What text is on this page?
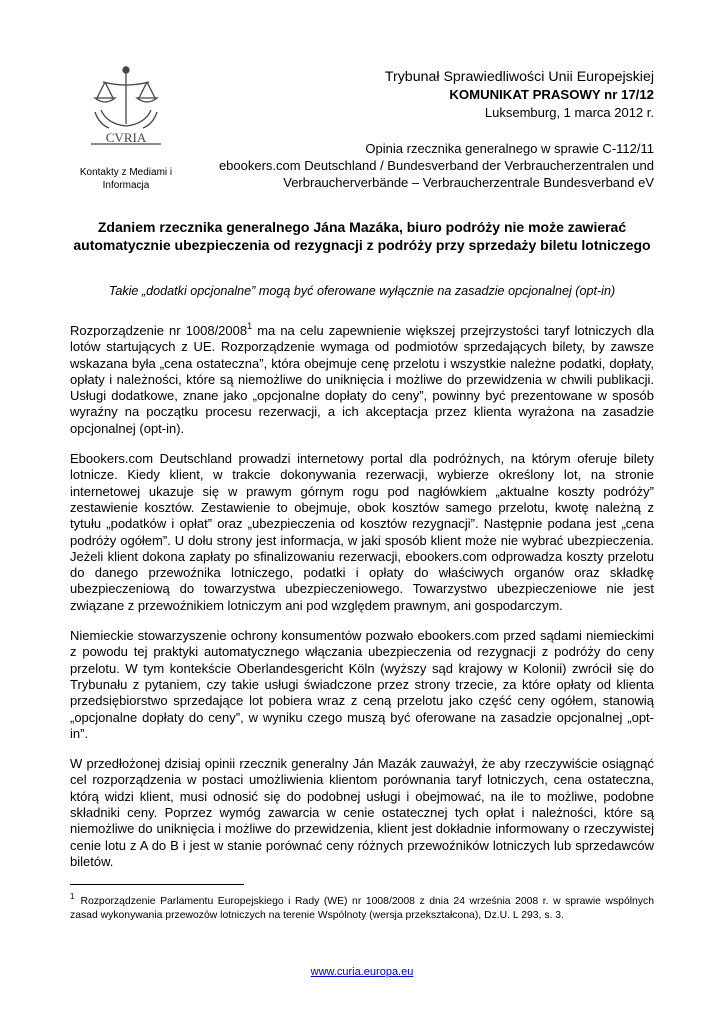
CVRIA
Kontakty z Mediami i Informacja
Trybunał Sprawiedliwości Unii Europejskiej
KOMUNIKAT PRASOWY nr 17/12
Luksemburg, 1 marca 2012 r.
Opinia rzecznika generalnego w sprawie C-112/11
ebookers.com Deutschland / Bundesverband der Verbraucherzentralen und Verbraucherverbände – Verbraucherzentrale Bundesverband eV
Zdaniem rzecznika generalnego Jána Mazáka, biuro podróży nie może zawierać automatycznie ubezpieczenia od rezygnacji z podróży przy sprzedaży biletu lotniczego
Takie „dodatki opcjonalne” mogą być oferowane wyłącznie na zasadzie opcjonalnej (opt-in)

Rozporządzenie nr 1008/2008$^1$ ma na celu zapewnienie większej przejrzystości taryf lotniczych dla lotów startujących z UE. Rozporządzenie wymaga od podmiotów sprzedających bilety, by zawsze wskazana była „cena ostateczna”, która obejmuje cenę przelotu i wszystkie należne podatki, dopłaty, opłaty i należności, które są niemożliwe do uniknięcia i możliwe do przewidzenia w chwili publikacji. Usługi dodatkowe, znane jako „opcjonalne dopłaty do ceny”, powinny być prezentowane w sposób wyraźny na początku procesu rezerwacji, a ich akceptacja przez klienta wyrażona na zasadzie opcjonalnej (opt-in).

Ebookers.com Deutschland prowadzi internetowy portal dla podróżnych, na którym oferuje bilety lotnicze. Kiedy klient, w trakcie dokonywania rezerwacji, wybierze określony lot, na stronie internetowej ukazuje się w prawym górnym rogu pod nagłówkiem „aktualne koszty podróży” zestawienie kosztów. Zestawienie to obejmuje, obok kosztów samego przelotu, kwotę należną z tytułu „podatków i opłat” oraz „ubezpieczenia od kosztów rezygnacji”. Następnie podana jest „cena podróży ogółem”. U dołu strony jest informacja, w jaki sposób klient może nie wybrać ubezpieczenia. Jeżeli klient dokona zapłaty po sfinalizowaniu rezerwacji, ebookers.com odprowadza koszty przelotu do danego przewoźnika lotniczego, podatki i opłaty do właściwych organów oraz składkę ubezpieczeniową do towarzystwa ubezpieczeniowego. Towarzystwo ubezpieczeniowe nie jest związane z przewoźnikiem lotniczym ani pod względem prawnym, ani gospodarczym.

Niemieckie stowarzyszenie ochrony konsumentów pozwało ebookers.com przed sądami niemieckimi z powodu tej praktyki automatycznego włączania ubezpieczenia od rezygnacji z podróży do ceny przelotu. W tym kontekście Oberlandesgericht Köln (wyższy sąd krajowy w Kolonii) zwrócił się do Trybunału z pytaniem, czy takie usługi świadczone przez strony trzecie, za które opłaty od klienta przedsiębiorstwo sprzedające lot pobiera wraz z ceną przelotu jako część ceny ogółem, stanowią „opcjonalne dopłaty do ceny”, w wyniku czego muszą być oferowane na zasadzie opcjonalnej „opt-in”.

W przedłożonej dzisiaj opinii rzecznik generalny Ján Mazák zauważył, że aby rzeczywiście osiągnąć cel rozporządzenia w postaci umożliwienia klientom porównania taryf lotniczych, cena ostateczna, którą widzi klient, musi odnosić się do podobnej usługi i obejmować, na ile to możliwe, podobne składniki ceny. Poprzez wymóg zawarcia w cenie ostatecznej tych opłat i należności, które są niemożliwe do uniknięcia i możliwe do przewidzenia, klient jest dokładnie informowany o rzeczywistej cenie lotu z A do B i jest w stanie porównać ceny różnych przewoźników lotniczych lub sprzedawców biletów.

$^1$ Rozporządzenie Parlamentu Europejskiego i Rady (WE) nr 1008/2008 z dnia 24 września 2008 r. w sprawie wspólnych zasad wykonywania przewozów lotniczych na terenie Wspólnoty (wersja przekształcona), Dz.U. L 293, s. 3.
www.curia.europa.eu
